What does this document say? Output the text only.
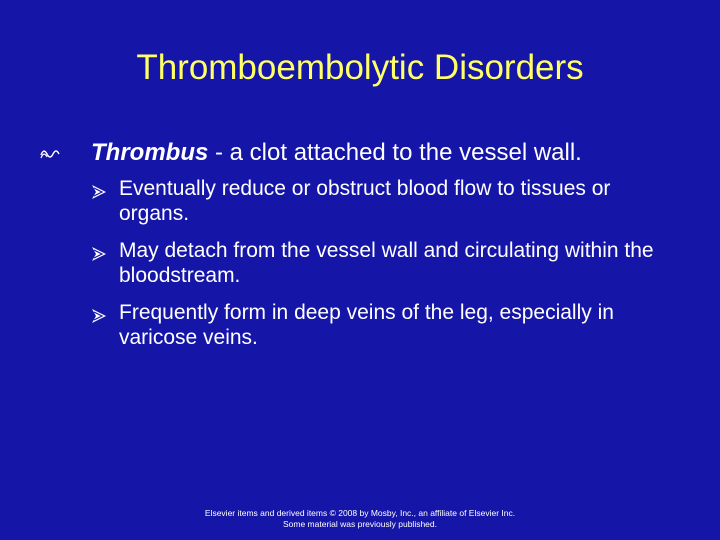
Thromboembolytic Disorders
Thrombus - a clot attached to the vessel wall.
Eventually reduce or obstruct blood flow to tissues or organs.
May detach from the vessel wall and circulating within the bloodstream.
Frequently form in deep veins of the leg, especially in varicose veins.
Elsevier items and derived items © 2008 by Mosby, Inc., an affiliate of Elsevier Inc.
Some material was previously published.
